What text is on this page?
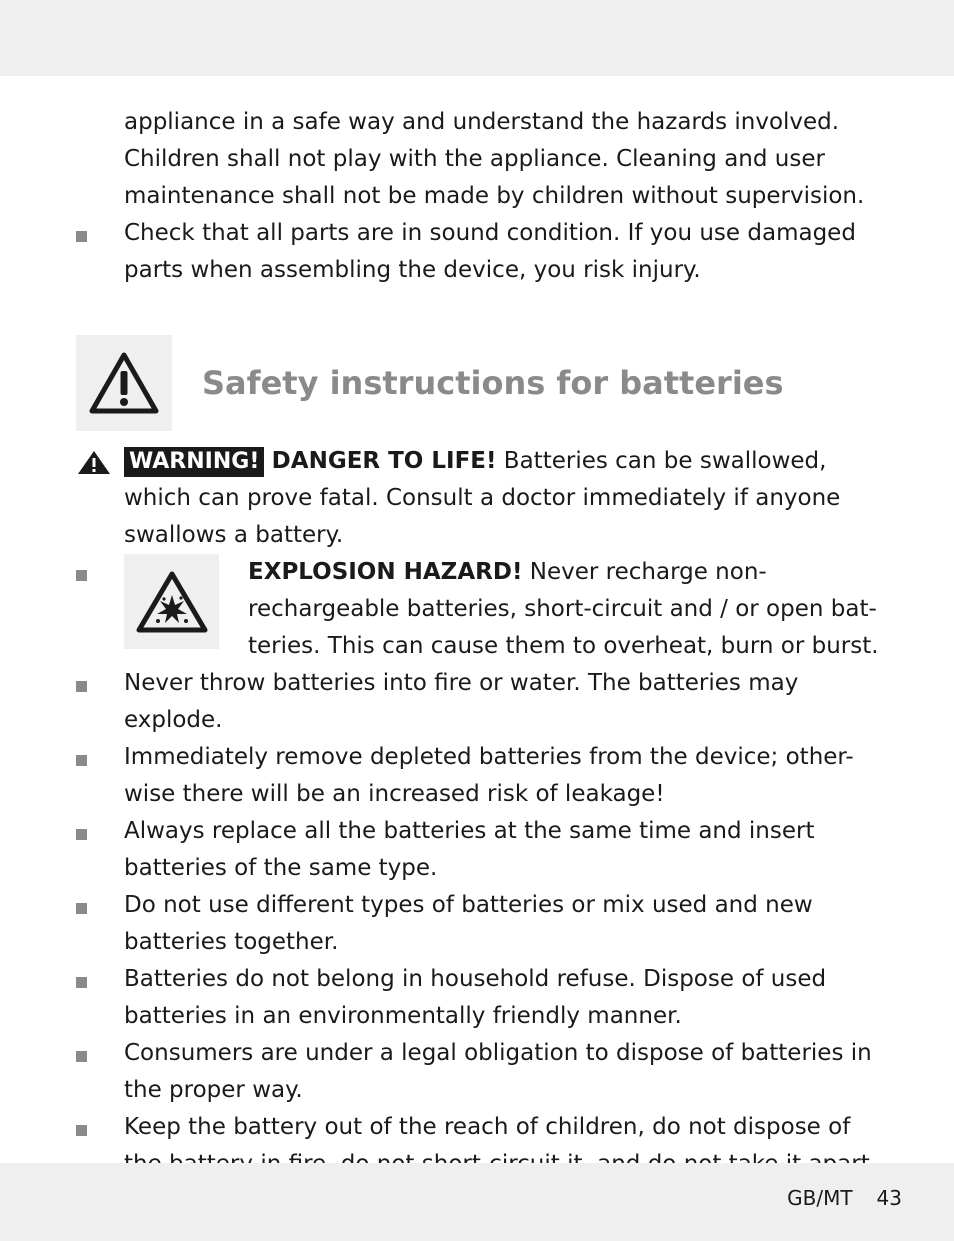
appliance in a safe way and understand the hazards involved. Children shall not play with the appliance. Cleaning and user maintenance shall not be made by children without supervision.

Check that all parts are in sound condition. If you use damaged parts when assembling the device, you risk injury.
Safety instructions for batteries
WARNING! DANGER TO LIFE! Batteries can be swallowed, which can prove fatal. Consult a doctor immediately if anyone swallows a battery.
EXPLOSION HAZARD! Never recharge non-rechargeable batteries, short-circuit and / or open bat-teries. This can cause them to overheat, burn or burst.
Never throw batteries into fire or water. The batteries may explode.
Immediately remove depleted batteries from the device; other-wise there will be an increased risk of leakage!
Always replace all the batteries at the same time and insert batteries of the same type.
Do not use different types of batteries or mix used and new batteries together.
Batteries do not belong in household refuse. Dispose of used batteries in an environmentally friendly manner.
Consumers are under a legal obligation to dispose of batteries in the proper way.
Keep the battery out of the reach of children, do not dispose of
GB/MT 43
